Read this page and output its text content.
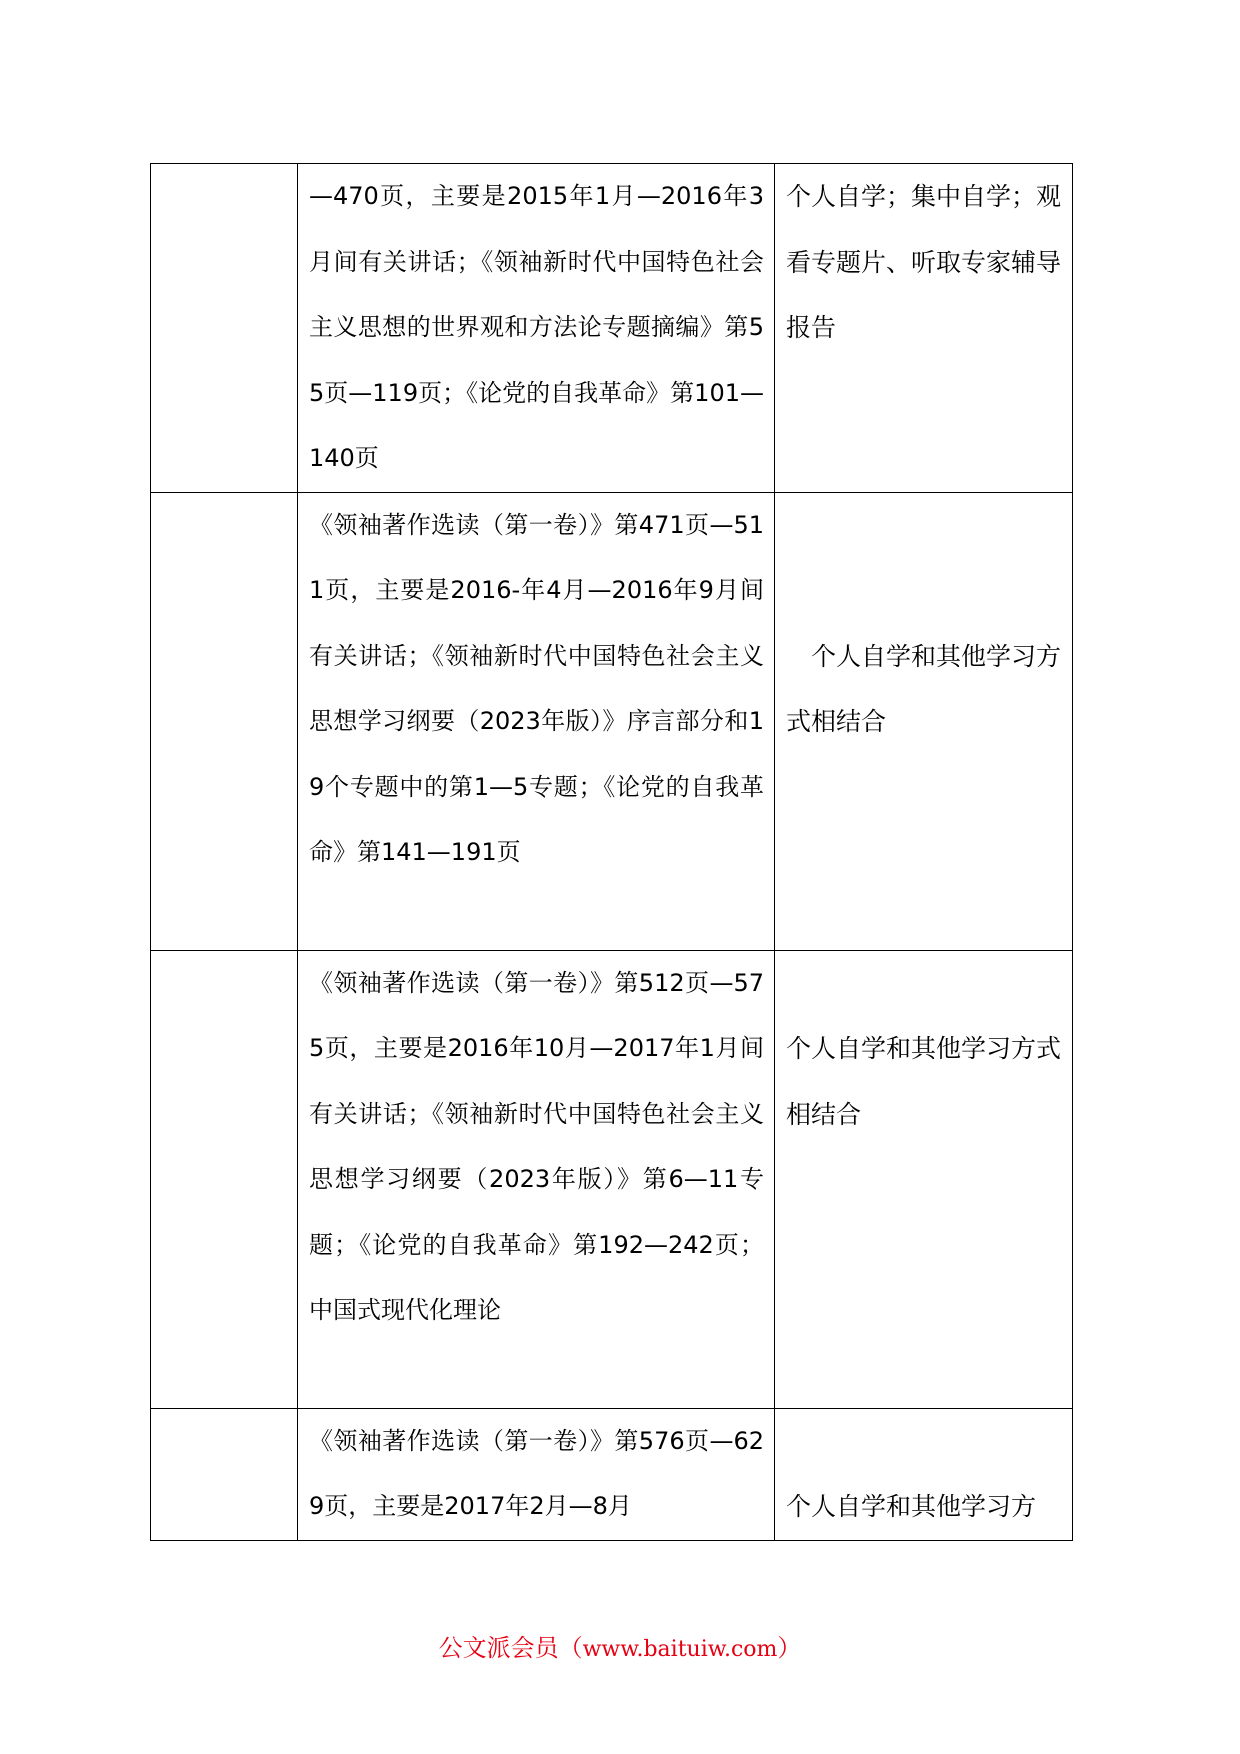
	—470页，主要是2015年1月—2016年3月间有关讲话；《领袖新时代中国特色社会主义思想的世界观和方法论专题摘编》第55页—119页；《论党的自我革命》第101—140页	个人自学；集中自学；观看专题片、听取专家辅导报告

	《领袖著作选读（第一卷）》第471页—511页，主要是2016-年4月—2016年9月间有关讲话；《领袖新时代中国特色社会主义思想学习纲要（2023年版）》序言部分和19个专题中的第1—5专题；《论党的自我革命》第141—191页	个人自学和其他学习方式相结合

	《领袖著作选读（第一卷）》第512页—575页，主要是2016年10月—2017年1月间有关讲话；《领袖新时代中国特色社会主义思想学习纲要（2023年版）》第6—11专题；《论党的自我革命》第192—242页；中国式现代化理论	个人自学和其他学习方式相结合

	《领袖著作选读（第一卷）》第576页—629页，主要是2017年2月—8月	个人自学和其他学习方
公文派会员（www.baituiw.com）
